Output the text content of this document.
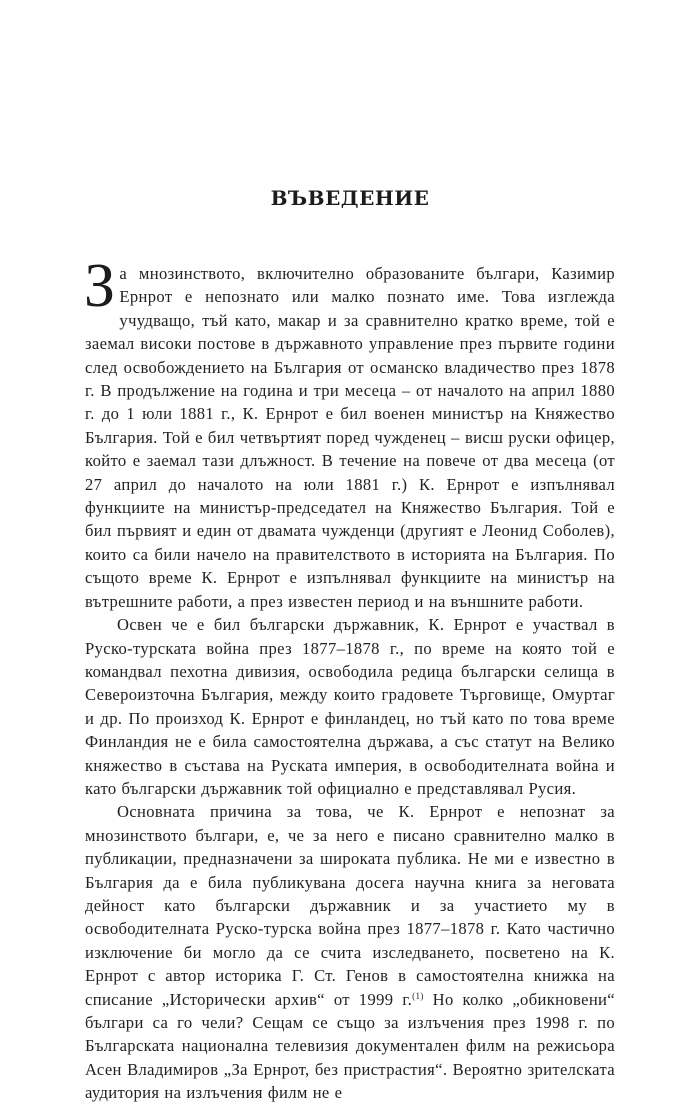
ВЪВЕДЕНИЕ

За мнозинството, включително образованите българи, Казимир Ернрот е непознато или малко познато име. Това изглежда учудващо, тъй като, макар и за сравнително кратко време, той е заемал високи постове в държавното управление през първите години след освобождението на България от османско владичество през 1878 г. В продължение на година и три месеца – от началото на април 1880 г. до 1 юли 1881 г., К. Ернрот е бил военен министър на Княжество България. Той е бил четвъртият поред чужденец – висш руски офицер, който е заемал тази длъжност. В течение на повече от два месеца (от 27 април до началото на юли 1881 г.) К. Ернрот е изпълнявал функциите на министър-председател на Княжество България. Той е бил първият и един от двамата чужденци (другият е Леонид Соболев), които са били начело на правителството в историята на България. По същото време К. Ернрот е изпълнявал функциите на министър на вътрешните работи, а през известен период и на външните работи.

Освен че е бил български държавник, К. Ернрот е участвал в Руско-турската война през 1877–1878 г., по време на която той е командвал пехотна дивизия, освободила редица български селища в Североизточна България, между които градовете Търговище, Омуртаг и др. По произход К. Ернрот е финландец, но тъй като по това време Финландия не е била самостоятелна държава, а със статут на Велико княжество в състава на Руската империя, в освободителната война и като български държавник той официално е представлявал Русия.

Основната причина за това, че К. Ернрот е непознат за мнозинството българи, е, че за него е писано сравнително малко в публикации, предназначени за широката публика. Не ми е известно в България да е била публикувана досега научна книга за неговата дейност като български държавник и за участието му в освободителната Руско-турска война през 1877–1878 г. Като частично изключение би могло да се счита изследването, посветено на К. Ернрот с автор историка Г. Ст. Генов в самостоятелна книжка на списание „Исторически архив“ от 1999 г.$^{(1)}$ Но колко „обикновени“ българи са го чели? Сещам се също за излъчения през 1998 г. по Българската национална телевизия документален филм на режисьора Асен Владимиров „За Ернрот, без пристрастия“. Вероятно зрителската аудитория на излъчения филм не е
